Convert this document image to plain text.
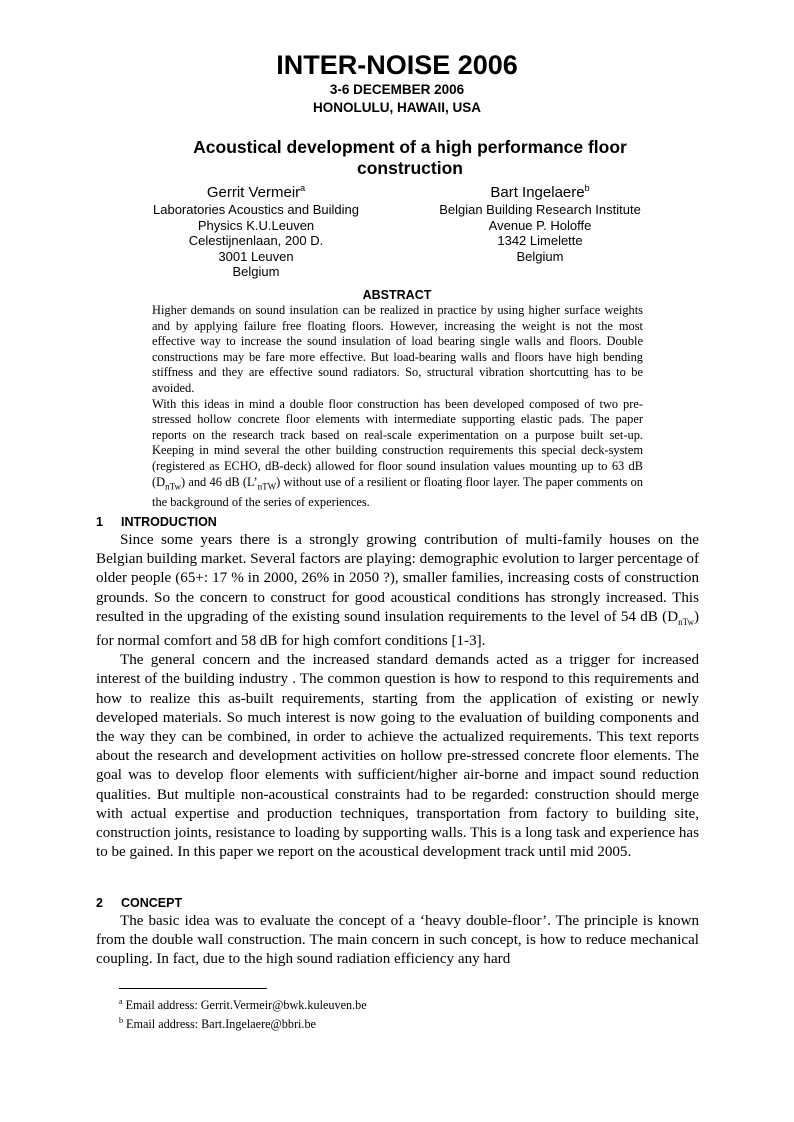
INTER-NOISE 2006
3-6 DECEMBER 2006
HONOLULU, HAWAII, USA
Acoustical development of a high performance floor construction
Gerrit Vermeir$^a$
Laboratories Acoustics and Building
Physics K.U.Leuven
Celestijnenlaan, 200 D.
3001 Leuven
Belgium
Bart Ingelaere$^b$
Belgian Building Research Institute
Avenue P. Holoffe
1342 Limelette
Belgium
ABSTRACT

Higher demands on sound insulation can be realized in practice by using higher surface weights and by applying failure free floating floors. However, increasing the weight is not the most effective way to increase the sound insulation of load bearing single walls and floors. Double constructions may be fare more effective. But load-bearing walls and floors have high bending stiffness and they are effective sound radiators. So, structural vibration shortcutting has to be avoided.

With this ideas in mind a double floor construction has been developed composed of two pre-stressed hollow concrete floor elements with intermediate supporting elastic pads. The paper reports on the research track based on real-scale experimentation on a purpose built set-up. Keeping in mind several the other building construction requirements this special deck-system (registered as ECHO, dB-deck) allowed for floor sound insulation values mounting up to 63 dB $(D_{nTw})$ and 46 dB $(L’_{nTW})$ without use of a resilient or floating floor layer. The paper comments on the background of the series of experiences.

1 INTRODUCTION

Since some years there is a strongly growing contribution of multi-family houses on the Belgian building market. Several factors are playing: demographic evolution to larger percentage of older people (65+: 17 % in 2000, 26% in 2050 ?), smaller families, increasing costs of construction grounds. So the concern to construct for good acoustical conditions has strongly increased. This resulted in the upgrading of the existing sound insulation requirements to the level of 54 dB $(D_{nTw})$ for normal comfort and 58 dB for high comfort conditions [1-3].

The general concern and the increased standard demands acted as a trigger for increased interest of the building industry . The common question is how to respond to this requirements and how to realize this as-built requirements, starting from the application of existing or newly developed materials. So much interest is now going to the evaluation of building components and the way they can be combined, in order to achieve the actualized requirements. This text reports about the research and development activities on hollow pre-stressed concrete floor elements. The goal was to develop floor elements with sufficient/higher air-borne and impact sound reduction qualities. But multiple non-acoustical constraints had to be regarded: construction should merge with actual expertise and production techniques, transportation from factory to building site, construction joints, resistance to loading by supporting walls. This is a long task and experience has to be gained. In this paper we report on the acoustical development track until mid 2005.

2 CONCEPT

The basic idea was to evaluate the concept of a ‘heavy double-floor’. The principle is known from the double wall construction. The main concern in such concept, is how to reduce mechanical coupling. In fact, due to the high sound radiation efficiency any hard

$^a$ Email address: Gerrit.Vermeir@bwk.kuleuven.be
$^b$ Email address: Bart.Ingelaere@bbri.be
